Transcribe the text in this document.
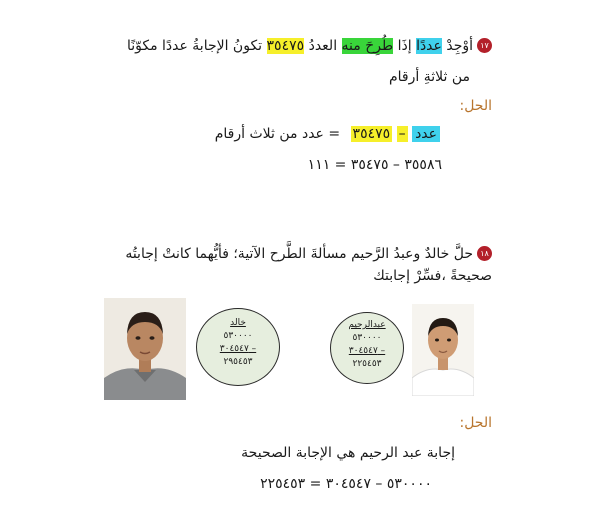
١٧أوْجِدْ عددًا إذَا طُرِحَ منه العددُ ٣٥٤٧٥ تكونُ الإجابةُ عددًا مكوّنًا
من ثلاثةِ أرقام
الحل:
عدد – ٣٥٤٧٥ = عدد من ثلاث أرقام
٣٥٥٨٦ – ٣٥٤٧٥ = ١١١
١٨حلَّ خالدٌ وعبدُ الرَّحيم مسألةَ الطَّرح الآتية؛ فأيُّهما كانتْ إجابتُه
صحيحةً ،فسِّرْ إجابتك
خالد
٥٣٠٠٠٠
٣٠٤٥٤٧ –
٢٩٥٤٥٣
عبدالرحيم
٥٣٠٠٠٠
٣٠٤٥٤٧ –
٢٢٥٤٥٣
الحل:
إجابة عبد الرحيم هي الإجابة الصحيحة
٥٣٠٠٠٠ – ٣٠٤٥٤٧ = ٢٢٥٤٥٣
